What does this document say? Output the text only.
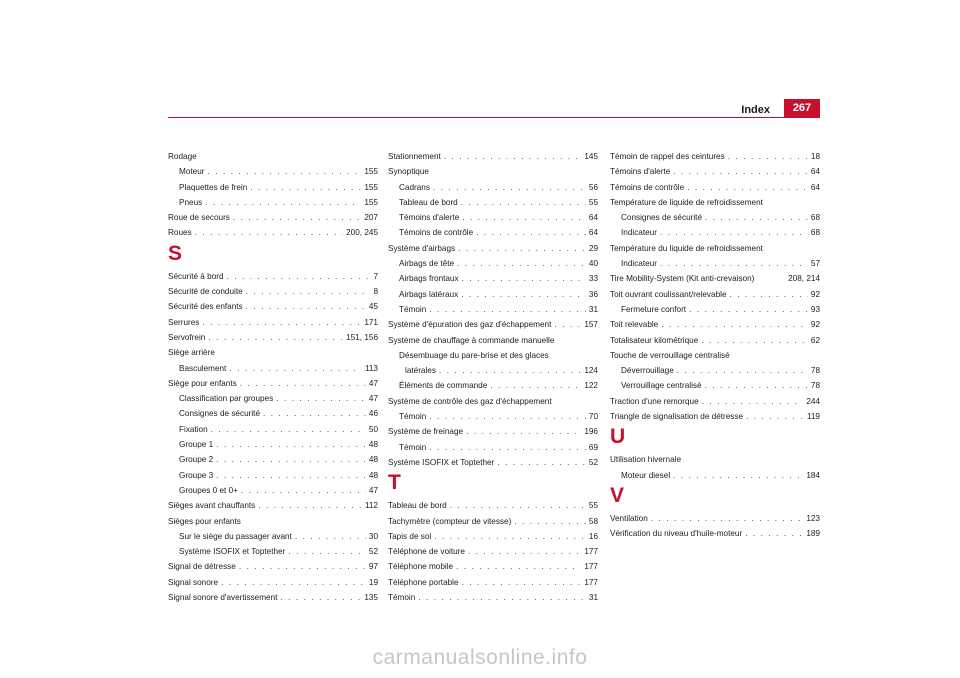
Index	267
Rodage
Moteur . . .	155
Plaquettes de frein . . .	155
Pneus . . .	155
Roue de secours . . .	207
Roues . . .	200, 245
S
Sécurité à bord . . .	7
Sécurité de conduite . . .	8
Sécurité des enfants . . .	45
Serrures . . .	171
Servofrein . . .	151, 156
Siège arrière
Basculement . . .	113
Siège pour enfants . . .	47
Classification par groupes . . .	47
Consignes de sécurité . . .	46
Fixation . . .	50
Groupe 1 . . .	48
Groupe 2 . . .	48
Groupe 3 . . .	48
Groupes 0 et 0+ . . .	47
Sièges avant chauffants . . .	112
Sièges pour enfants
Sur le siège du passager avant . . .	30
Système ISOFIX et Toptether . . .	52
Signal de détresse . . .	97
Signal sonore . . .	19
Signal sonore d'avertissement . . .	135
Stationnement . . .	145
Synoptique
Cadrans . . .	56
Tableau de bord . . .	55
Témoins d'alerte . . .	64
Témoins de contrôle . . .	64
Système d'airbags . . .	29
Airbags de tête . . .	40
Airbags frontaux . . .	33
Airbags latéraux . . .	36
Témoin . . .	31
Système d'épuration des gaz d'échappement . . .	157
Système de chauffage à commande manuelle
Désembuage du pare-brise et des glaces
latérales . . .	124
Éléments de commande . . .	122
Système de contrôle des gaz d'échappement
Témoin . . .	70
Système de freinage . . .	196
Témoin . . .	69
Système ISOFIX et Toptether . . .	52
T
Tableau de bord . . .	55
Tachymètre (compteur de vitesse) . . .	58
Tapis de sol . . .	16
Téléphone de voiture . . .	177
Téléphone mobile . . .	177
Téléphone portable . . .	177
Témoin . . .	31
Témoin de rappel des ceintures . . .	18
Témoins d'alerte . . .	64
Témoins de contrôle . . .	64
Température de liquide de refroidissement
Consignes de sécurité . . .	68
Indicateur . . .	68
Température du liquide de refroidissement
Indicateur . . .	57
Tire Mobility-System (Kit anti-crevaison)	208, 214
Toit ouvrant coulissant/relevable . . .	92
Fermeture confort . . .	93
Toit relevable . . .	92
Totalisateur kilométrique . . .	62
Touche de verrouillage centralisé
Déverrouillage . . .	78
Verrouillage centralisé . . .	78
Traction d'une remorque . . .	244
Triangle de signalisation de détresse . . .	119
U
Utilisation hivernale
Moteur diesel . . .	184
V
Ventilation . . .	123
Vérification du niveau d'huile-moteur . . .	189
carmanualsonline.info
